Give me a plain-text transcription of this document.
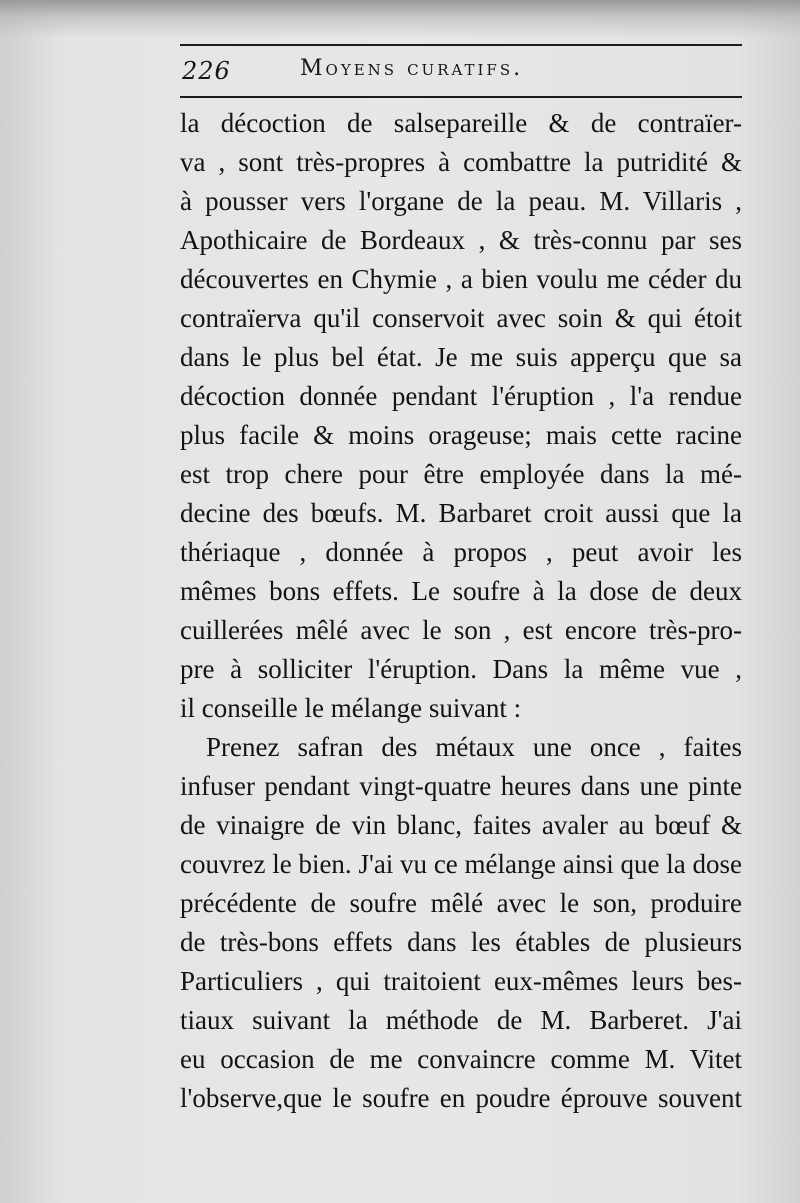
226	Moyens curatifs.
la décoction de salsepareille & de contraïer-
va , sont très-propres à combattre la putridité &
à pousser vers l'organe de la peau. M. Villaris ,
Apothicaire de Bordeaux , & très-connu par ses
découvertes en Chymie , a bien voulu me céder du
contraïerva qu'il conservoit avec soin & qui étoit
dans le plus bel état. Je me suis apperçu que sa
décoction donnée pendant l'éruption , l'a rendue
plus facile & moins orageuse; mais cette racine
est trop chere pour être employée dans la mé-
decine des bœufs. M. Barbaret croit aussi que la
thériaque , donnée à propos , peut avoir les
mêmes bons effets. Le soufre à la dose de deux
cuillerées mêlé avec le son , est encore très-pro-
pre à solliciter l'éruption. Dans la même vue ,
il conseille le mélange suivant :
Prenez safran des métaux une once , faites
infuser pendant vingt-quatre heures dans une pinte
de vinaigre de vin blanc, faites avaler au bœuf &
couvrez le bien. J'ai vu ce mélange ainsi que la dose
précédente de soufre mêlé avec le son, produire
de très-bons effets dans les étables de plusieurs
Particuliers , qui traitoient eux-mêmes leurs bes-
tiaux suivant la méthode de M. Barberet. J'ai
eu occasion de me convaincre comme M. Vitet
l'observe,que le soufre en poudre éprouve souvent
